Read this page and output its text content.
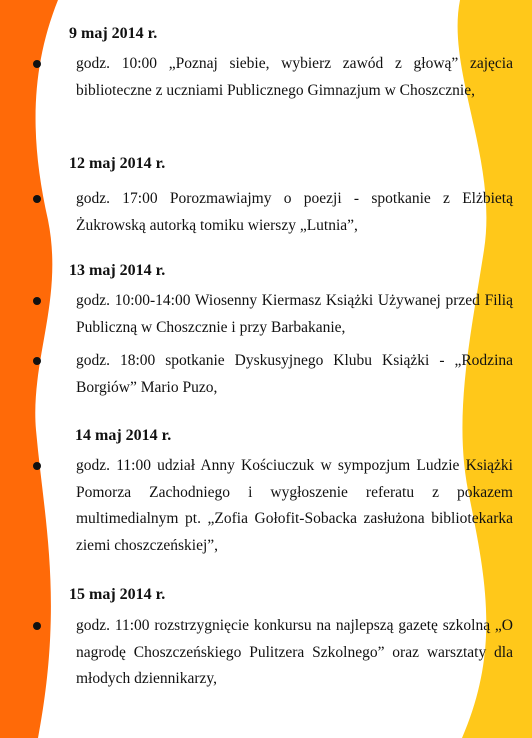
9 maj 2014 r.
godz. 10:00 „Poznaj siebie, wybierz zawód z głową” zajęcia biblioteczne z uczniami Publicznego Gimnazjum w Choszcznie,
12 maj 2014 r.
godz. 17:00 Porozmawiajmy o poezji - spotkanie z Elżbietą Żukrowską autorką tomiku wierszy „Lutnia”,
13 maj 2014 r.
godz. 10:00-14:00 Wiosenny Kiermasz Książki Używanej przed Filią Publiczną w Choszcznie i przy Barbakanie,
godz. 18:00 spotkanie Dyskusyjnego Klubu Książki - „Rodzina Borgiów” Mario Puzo,
14 maj 2014 r.
godz. 11:00 udział Anny Kościuczuk w sympozjum Ludzie Książki Pomorza Zachodniego i wygłoszenie referatu z pokazem multimedialnym pt. „Zofia Gołofit-Sobacka zasłużona bibliotekarka ziemi choszczeńskiej”,
15 maj 2014 r.
godz. 11:00 rozstrzygnięcie konkursu na najlepszą gazetę szkolną „O nagrodę Choszczeńskiego Pulitzera Szkolnego” oraz warsztaty dla młodych dziennikarzy,
